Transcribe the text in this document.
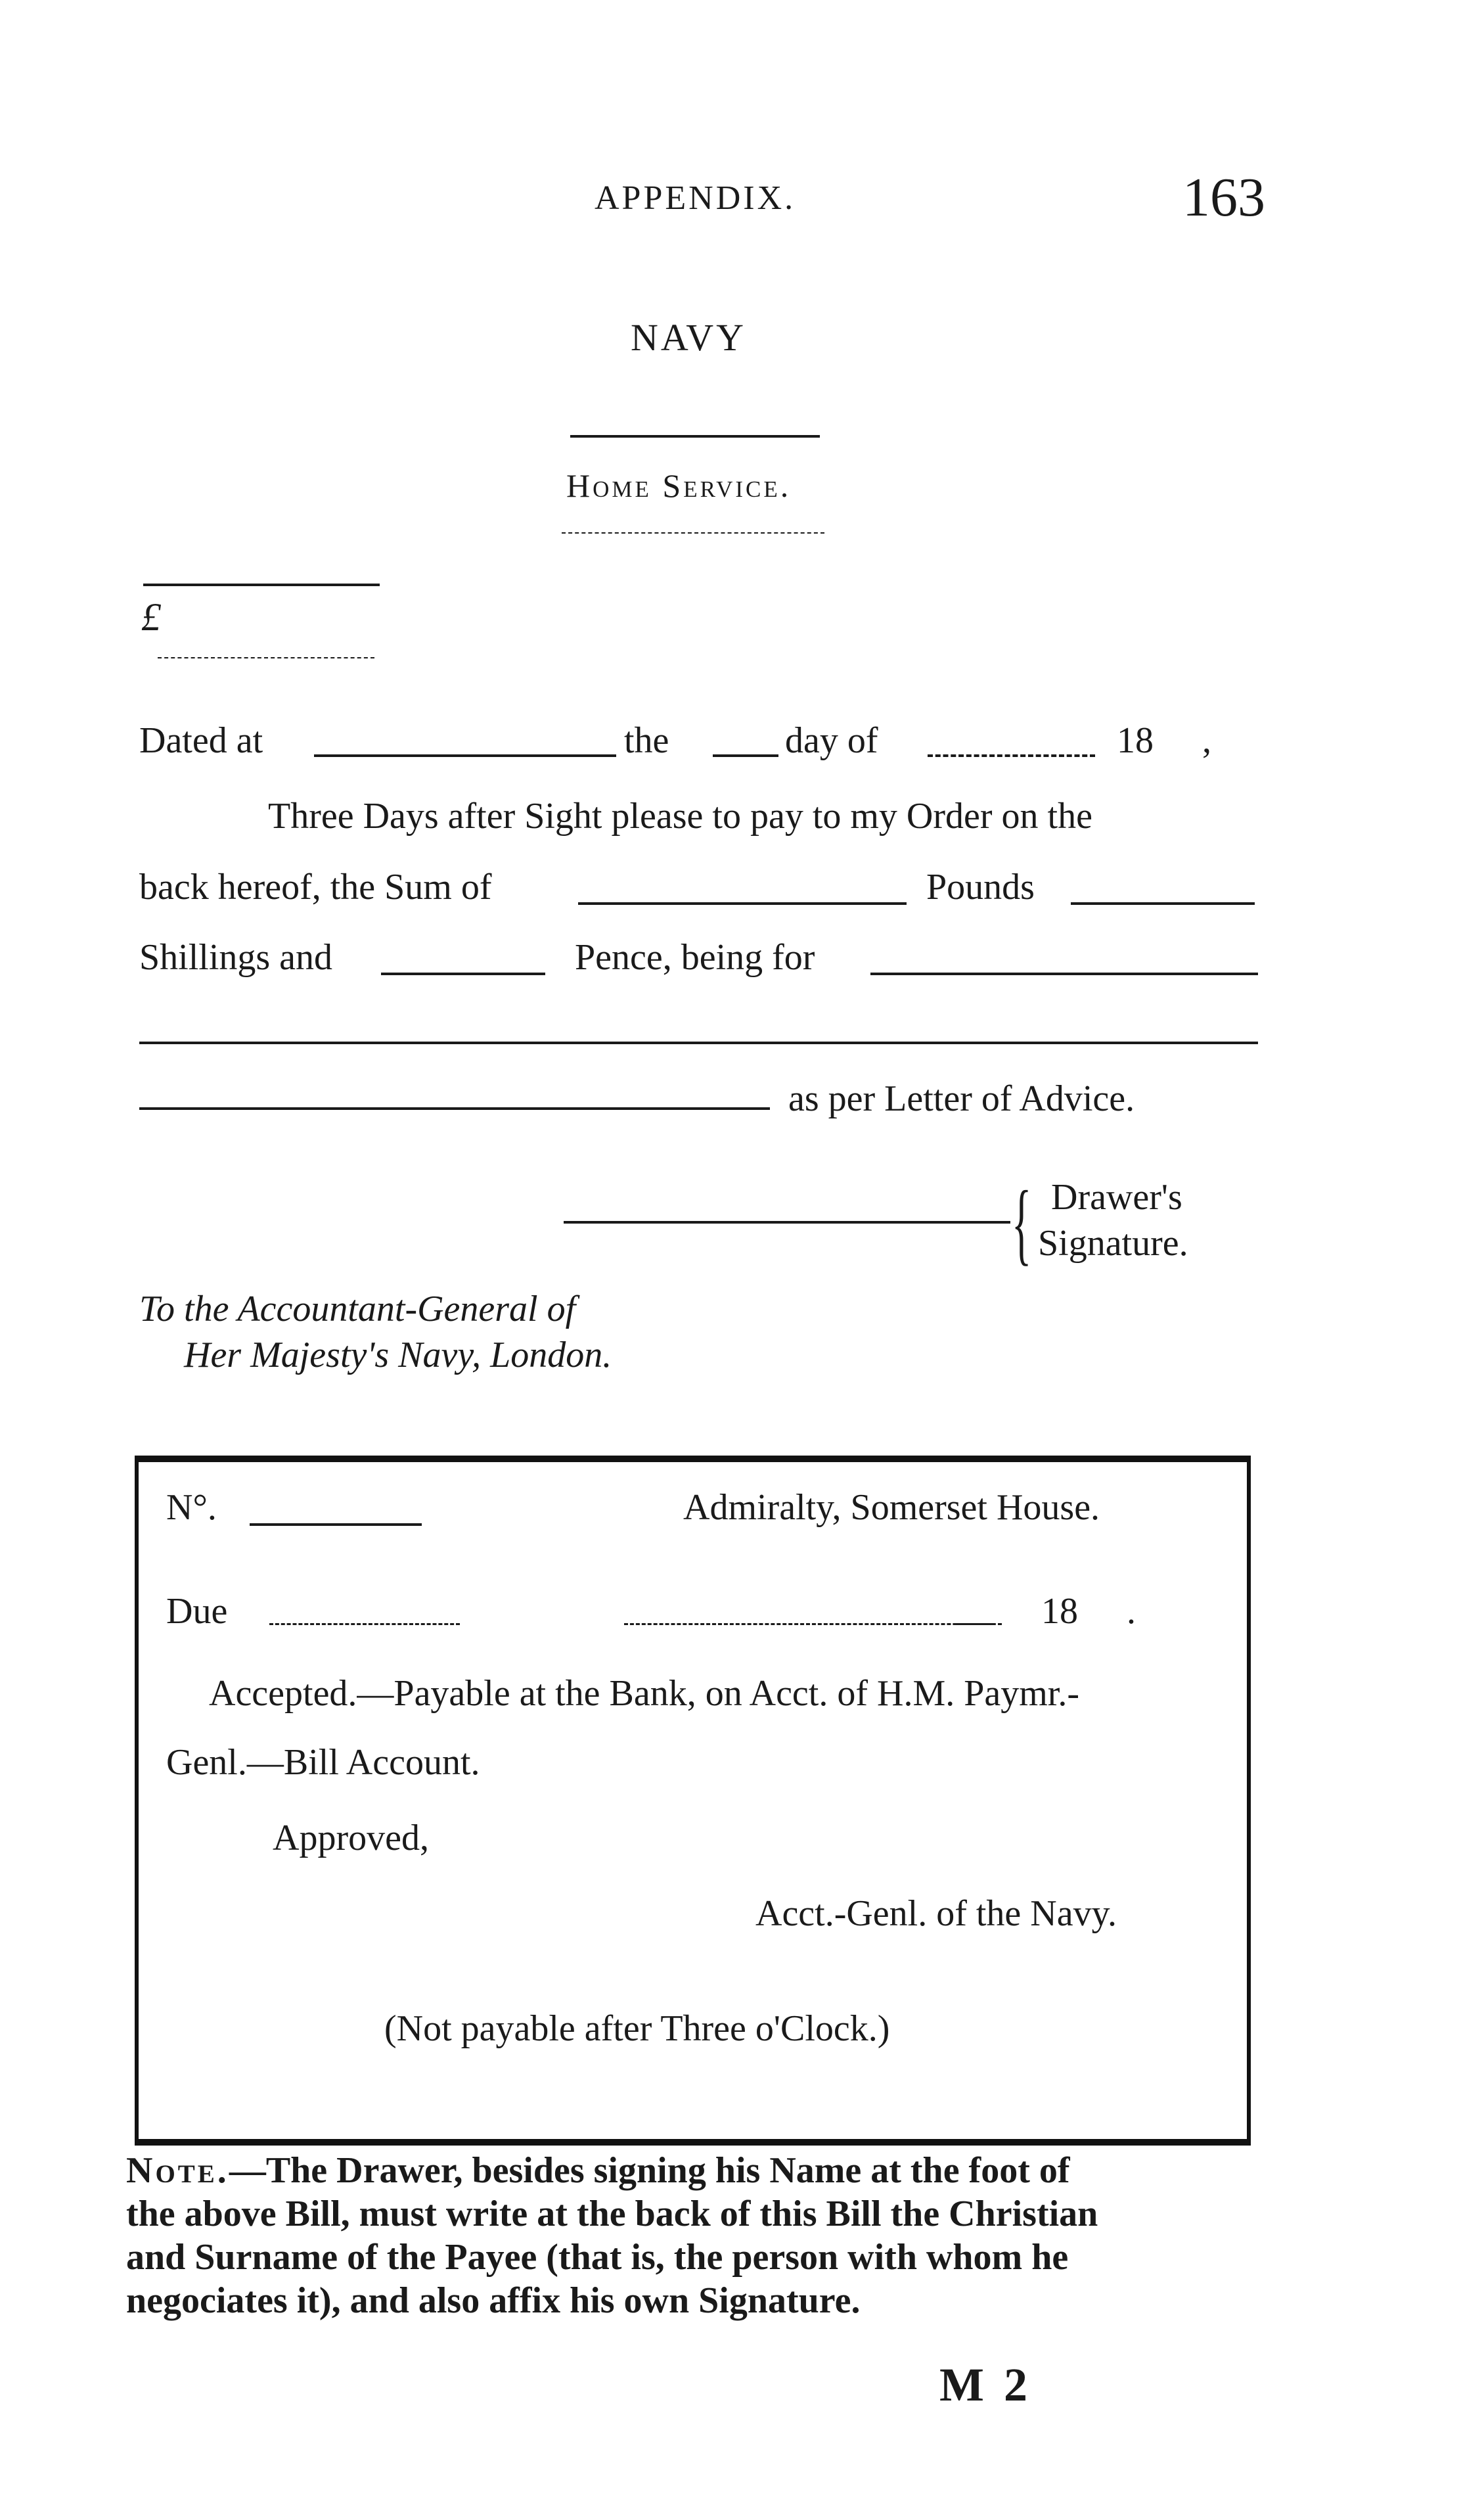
APPENDIX.	163
NAVY
Home Service.
£
Dated at	the	day of	18 ,
Three Days after Sight please to pay to my Order on the
back hereof, the Sum of	Pounds
Shillings and	Pence, being for
as per Letter of Advice.
{ Drawer's
Signature.
To the Accountant-General of
Her Majesty's Navy, London.
N°.	Admiralty, Somerset House.
Due	18 .
Accepted.—Payable at the Bank, on Acct. of H.M. Paymr.-
Genl.—Bill Account.
Approved,
Acct.-Genl. of the Navy.
(Not payable after Three o'Clock.)
Note.—The Drawer, besides signing his Name at the foot of
the above Bill, must write at the back of this Bill the Christian
and Surname of the Payee (that is, the person with whom he
negociates it), and also affix his own Signature.
M 2
